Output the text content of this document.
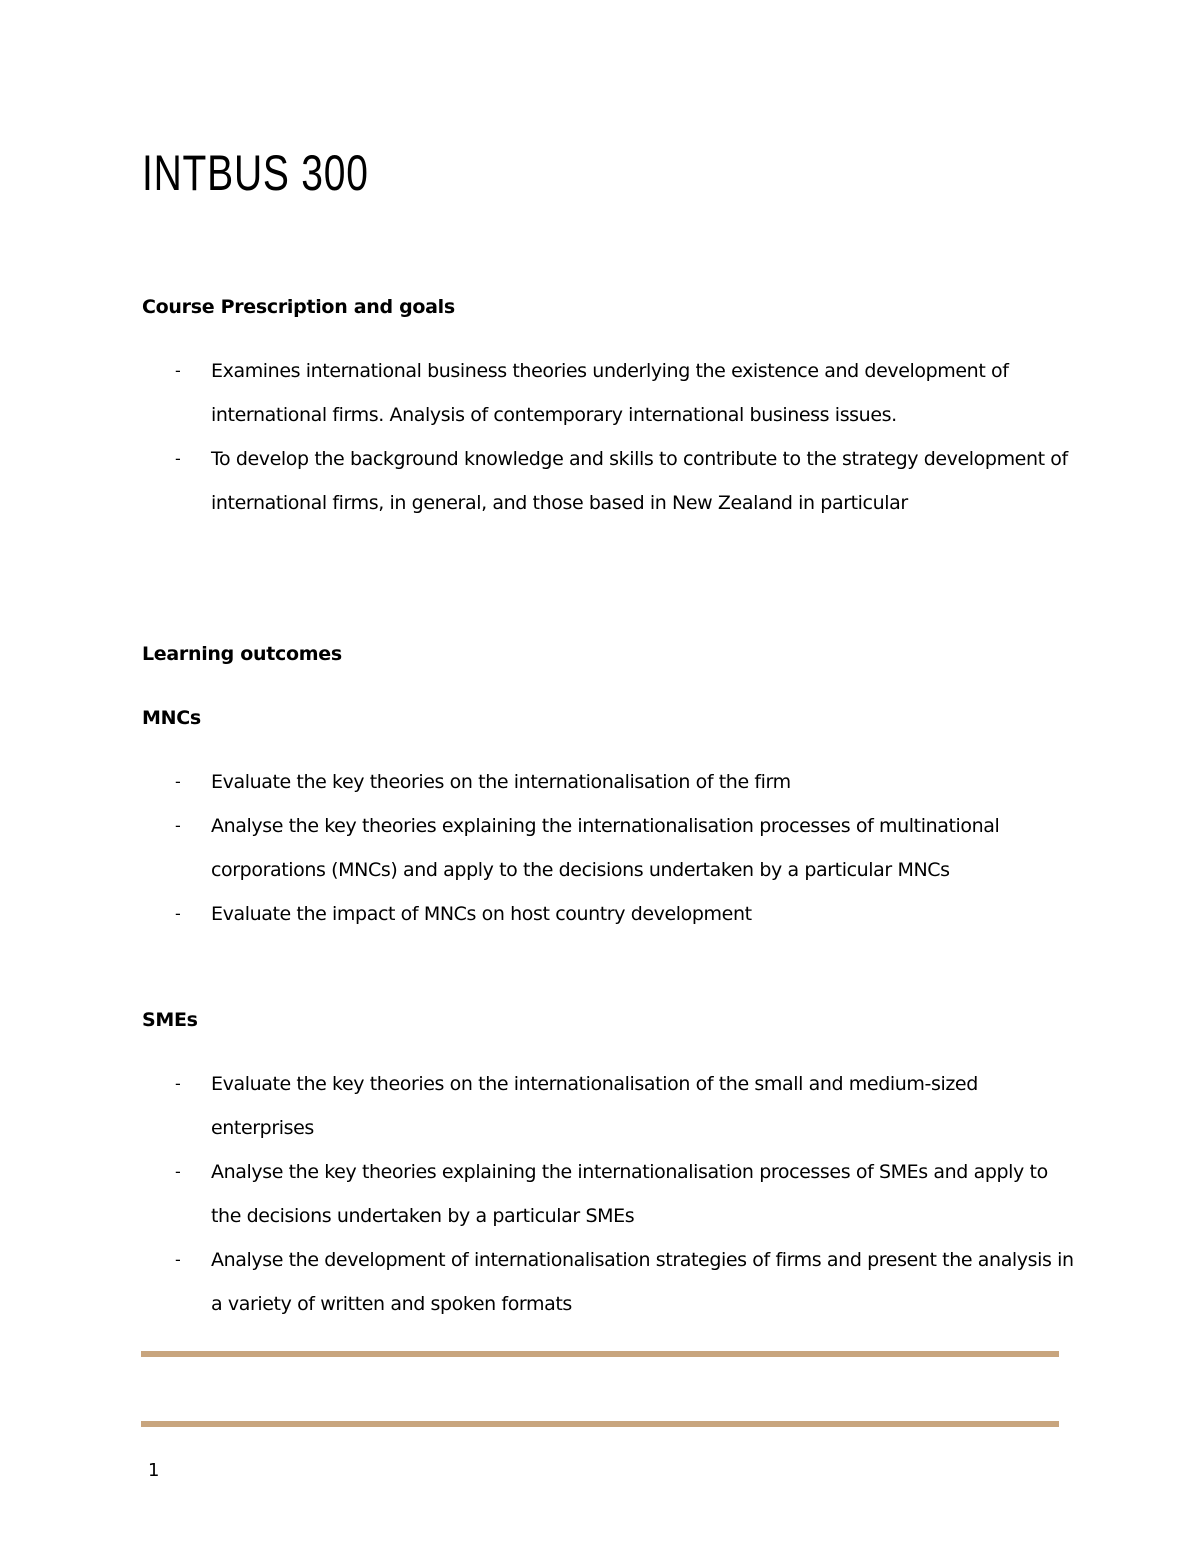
INTBUS 300
Course Prescription and goals
- Examines international business theories underlying the existence and development of international firms. Analysis of contemporary international business issues.
- To develop the background knowledge and skills to contribute to the strategy development of international firms, in general, and those based in New Zealand in particular
Learning outcomes
MNCs
- Evaluate the key theories on the internationalisation of the firm
- Analyse the key theories explaining the internationalisation processes of multinational corporations (MNCs) and apply to the decisions undertaken by a particular MNCs
- Evaluate the impact of MNCs on host country development
SMEs
- Evaluate the key theories on the internationalisation of the small and medium-sized enterprises
- Analyse the key theories explaining the internationalisation processes of SMEs and apply to the decisions undertaken by a particular SMEs
- Analyse the development of internationalisation strategies of firms and present the analysis in a variety of written and spoken formats

1
